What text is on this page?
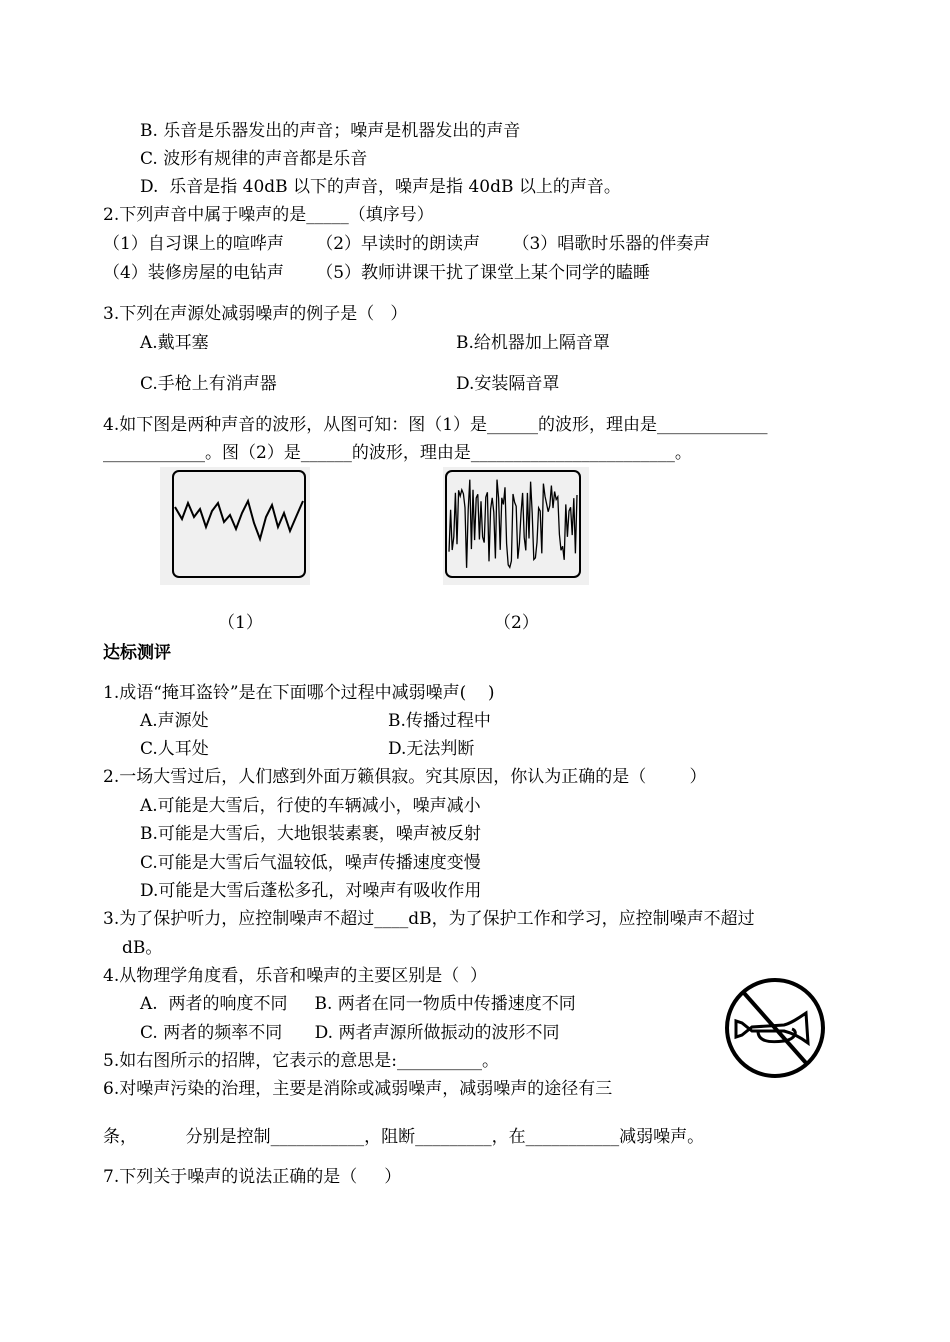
B. 乐音是乐器发出的声音；噪声是机器发出的声音
C. 波形有规律的声音都是乐音
D.  乐音是指 40dB 以下的声音，噪声是指 40dB 以上的声音。
2.下列声音中属于噪声的是_____（填序号）
（1）自习课上的喧哗声      （2）早读时的朗读声      （3）唱歌时乐器的伴奏声
（4）装修房屋的电钻声      （5）教师讲课干扰了课堂上某个同学的瞌睡
3.下列在声源处减弱噪声的例子是（   ）
A.戴耳塞	B.给机器加上隔音罩
C.手枪上有消声器	D.安装隔音罩
4.如下图是两种声音的波形，从图可知：图（1）是______的波形，理由是_____________
____________。图（2）是______的波形，理由是________________________。
（1）	（2）
达标测评
1.成语“掩耳盗铃”是在下面哪个过程中减弱噪声(    )
A.声源处	B.传播过程中
C.人耳处	D.无法判断
2.一场大雪过后，人们感到外面万籁俱寂。究其原因，你认为正确的是（        ）
A.可能是大雪后，行使的车辆减小，噪声减小
B.可能是大雪后，大地银装素裹，噪声被反射
C.可能是大雪后气温较低，噪声传播速度变慢
D.可能是大雪后蓬松多孔，对噪声有吸收作用
3.为了保护听力，应控制噪声不超过____dB，为了保护工作和学习，应控制噪声不超过
dB。
4.从物理学角度看，乐音和噪声的主要区别是（  ）
A.  两者的响度不同     B. 两者在同一物质中传播速度不同
C. 两者的频率不同      D. 两者声源所做振动的波形不同
5.如右图所示的招牌，它表示的意思是:__________。
6.对噪声污染的治理，主要是消除或减弱噪声，减弱噪声的途径有三
条，         分别是控制___________，阻断_________，在___________减弱噪声。
7.下列关于噪声的说法正确的是（     ）
